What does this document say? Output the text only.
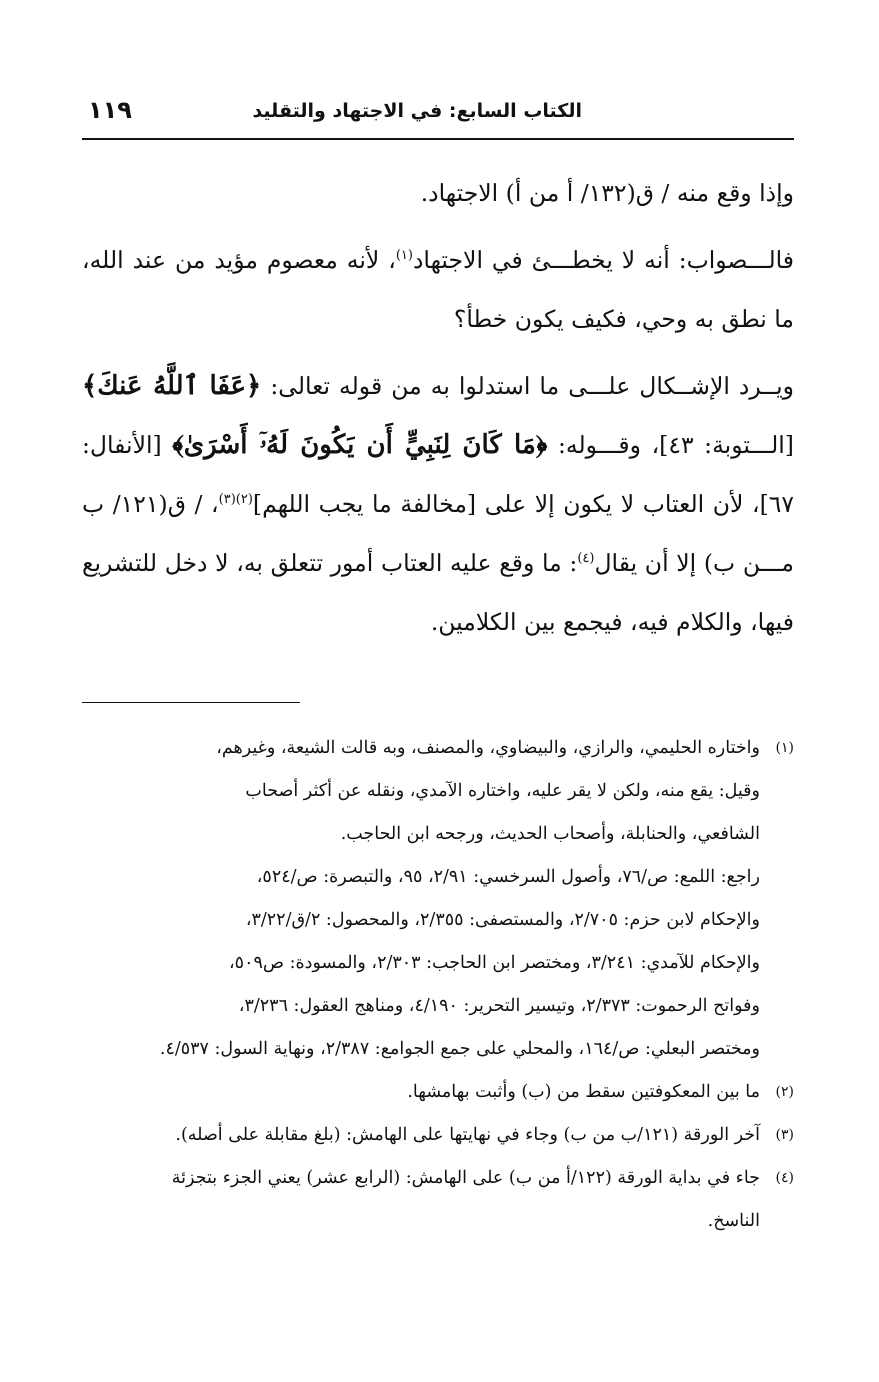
الكتاب السابع: في الاجتهاد والتقليد
١١٩

وإذا وقع منه / ق(١٣٢/ أ من أ) الاجتهاد.

فالـــصواب: أنه لا يخطـــئ في الاجتهاد$^{(١)}$، لأنه معصوم مؤيد من عند الله، ما نطق به وحي، فكيف يكون خطأ؟

ويــرد الإشــكال علـــى ما استدلوا به من قوله تعالى: ﴿عَفَا ٱللَّهُ عَنكَ﴾ [الـــتوبة: ٤٣]، وقـــوله: ﴿مَا كَانَ لِنَبِيٍّ أَن يَكُونَ لَهُۥٓ أَسْرَىٰ﴾ [الأنفال: ٦٧]، لأن العتاب لا يكون إلا على [مخالفة ما يجب اللهم]$^{(٢)(٣)}$، / ق(١٢١/ ب مـــن ب) إلا أن يقال$^{(٤)}$: ما وقع عليه العتاب أمور تتعلق به، لا دخل للتشريع فيها، والكلام فيه، فيجمع بين الكلامين.

(١)
واختاره الحليمي، والرازي، والبيضاوي، والمصنف، وبه قالت الشيعة، وغيرهم،
وقيل: يقع منه، ولكن لا يقر عليه، واختاره الآمدي، ونقله عن أكثر أصحاب
الشافعي، والحنابلة، وأصحاب الحديث، ورجحه ابن الحاجب.
راجع: اللمع: ص/٧٦، وأصول السرخسي: ٢/٩١، ٩٥، والتبصرة: ص/٥٢٤،
والإحكام لابن حزم: ٢/٧٠٥، والمستصفى: ٢/٣٥٥، والمحصول: ٢/ق/٣/٢٢،
والإحكام للآمدي: ٣/٢٤١، ومختصر ابن الحاجب: ٢/٣٠٣، والمسودة: ص٥٠٩،
وفواتح الرحموت: ٢/٣٧٣، وتيسير التحرير: ٤/١٩٠، ومناهج العقول: ٣/٢٣٦،
ومختصر البعلي: ص/١٦٤، والمحلي على جمع الجوامع: ٢/٣٨٧، ونهاية السول: ٤/٥٣٧.
(٢)
ما بين المعكوفتين سقط من (ب) وأثبت بهامشها.
(٣)
آخر الورقة (١٢١/ب من ب) وجاء في نهايتها على الهامش: (بلغ مقابلة على أصله).
(٤)
جاء في بداية الورقة (١٢٢/أ من ب) على الهامش: (الرابع عشر) يعني الجزء بتجزئة
الناسخ.
